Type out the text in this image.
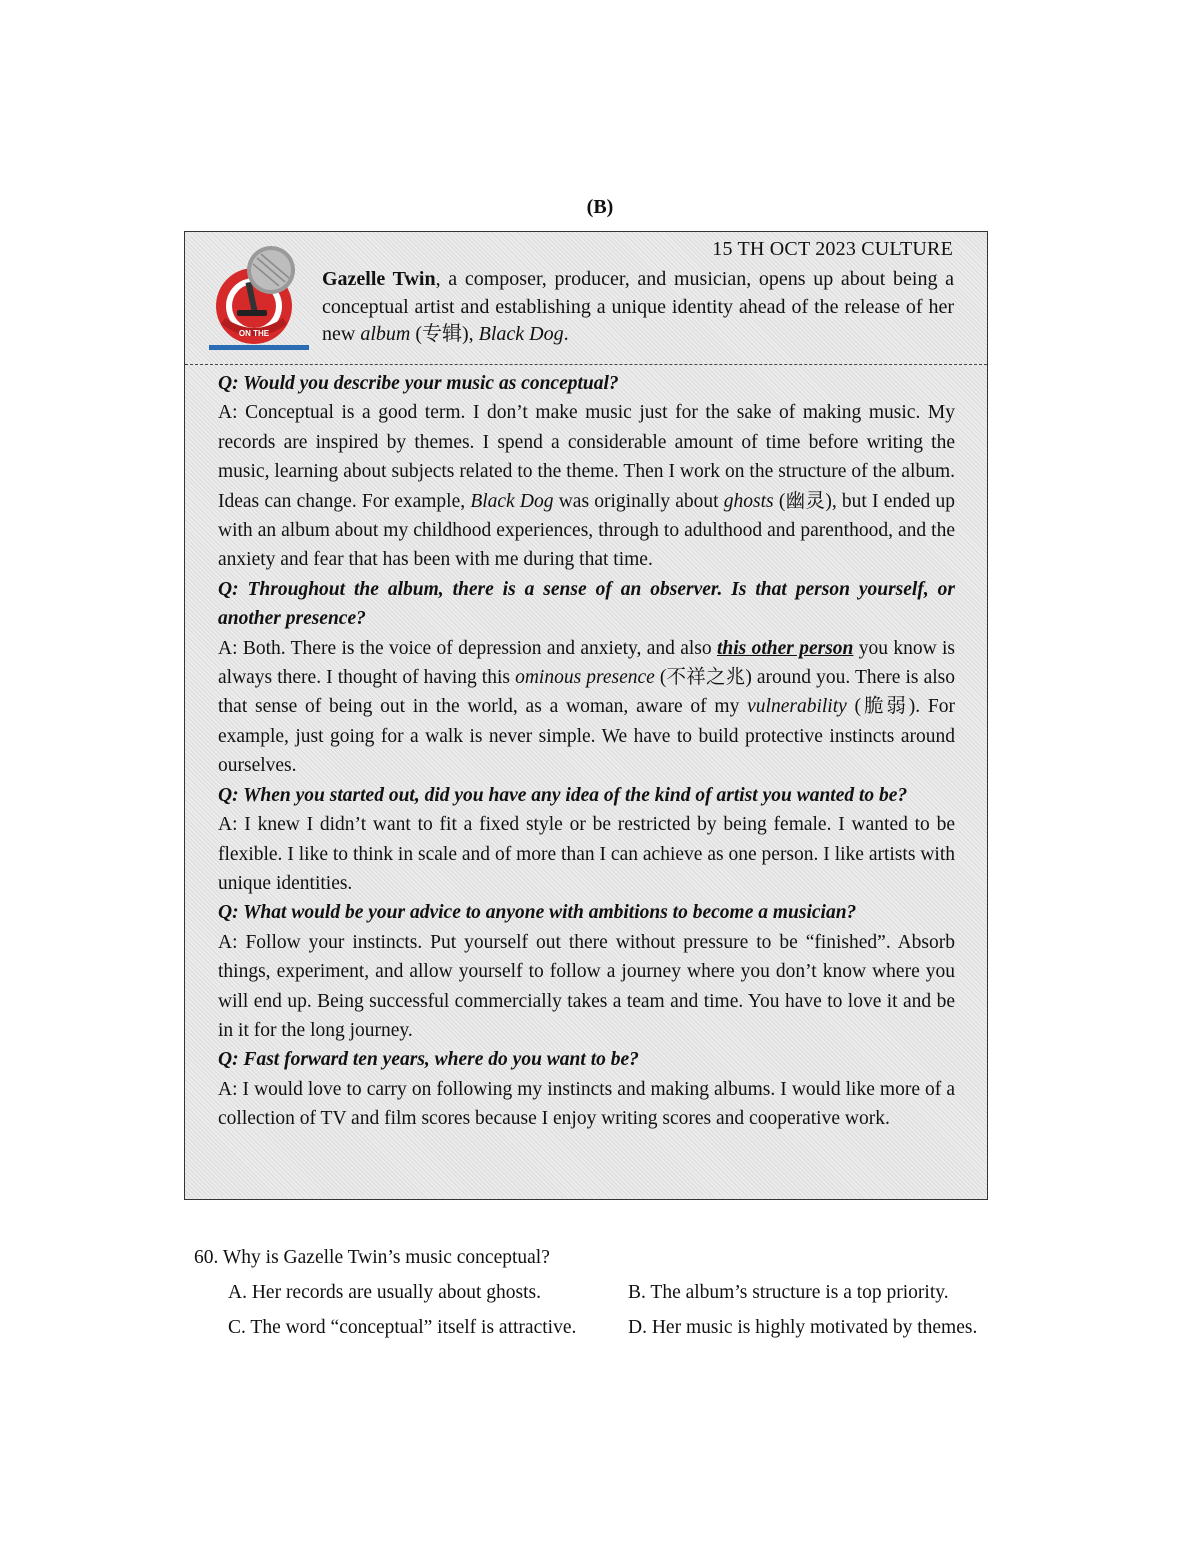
(B)
ON THE
15 TH OCT 2023 CULTURE
Gazelle Twin, a composer, producer, and musician, opens up about being a conceptual artist and establishing a unique identity ahead of the release of her new album (专辑), Black Dog.

Q: Would you describe your music as conceptual?

A: Conceptual is a good term. I don’t make music just for the sake of making music. My records are inspired by themes. I spend a considerable amount of time before writing the music, learning about subjects related to the theme. Then I work on the structure of the album. Ideas can change. For example, Black Dog was originally about ghosts (幽灵), but I ended up with an album about my childhood experiences, through to adulthood and parenthood, and the anxiety and fear that has been with me during that time.

Q: Throughout the album, there is a sense of an observer. Is that person yourself, or another presence?

A: Both. There is the voice of depression and anxiety, and also this other person you know is always there. I thought of having this ominous presence (不祥之兆) around you. There is also that sense of being out in the world, as a woman, aware of my vulnerability (脆弱). For example, just going for a walk is never simple. We have to build protective instincts around ourselves.

Q: When you started out, did you have any idea of the kind of artist you wanted to be?

A: I knew I didn’t want to fit a fixed style or be restricted by being female. I wanted to be flexible. I like to think in scale and of more than I can achieve as one person. I like artists with unique identities.

Q: What would be your advice to anyone with ambitions to become a musician?

A: Follow your instincts. Put yourself out there without pressure to be “finished”. Absorb things, experiment, and allow yourself to follow a journey where you don’t know where you will end up. Being successful commercially takes a team and time. You have to love it and be in it for the long journey.

Q: Fast forward ten years, where do you want to be?

A: I would love to carry on following my instincts and making albums. I would like more of a collection of TV and film scores because I enjoy writing scores and cooperative work.

60. Why is Gazelle Twin’s music conceptual?

A. Her records are usually about ghosts.	B. The album’s structure is a top priority.
C. The word “conceptual” itself is attractive.	D. Her music is highly motivated by themes.
